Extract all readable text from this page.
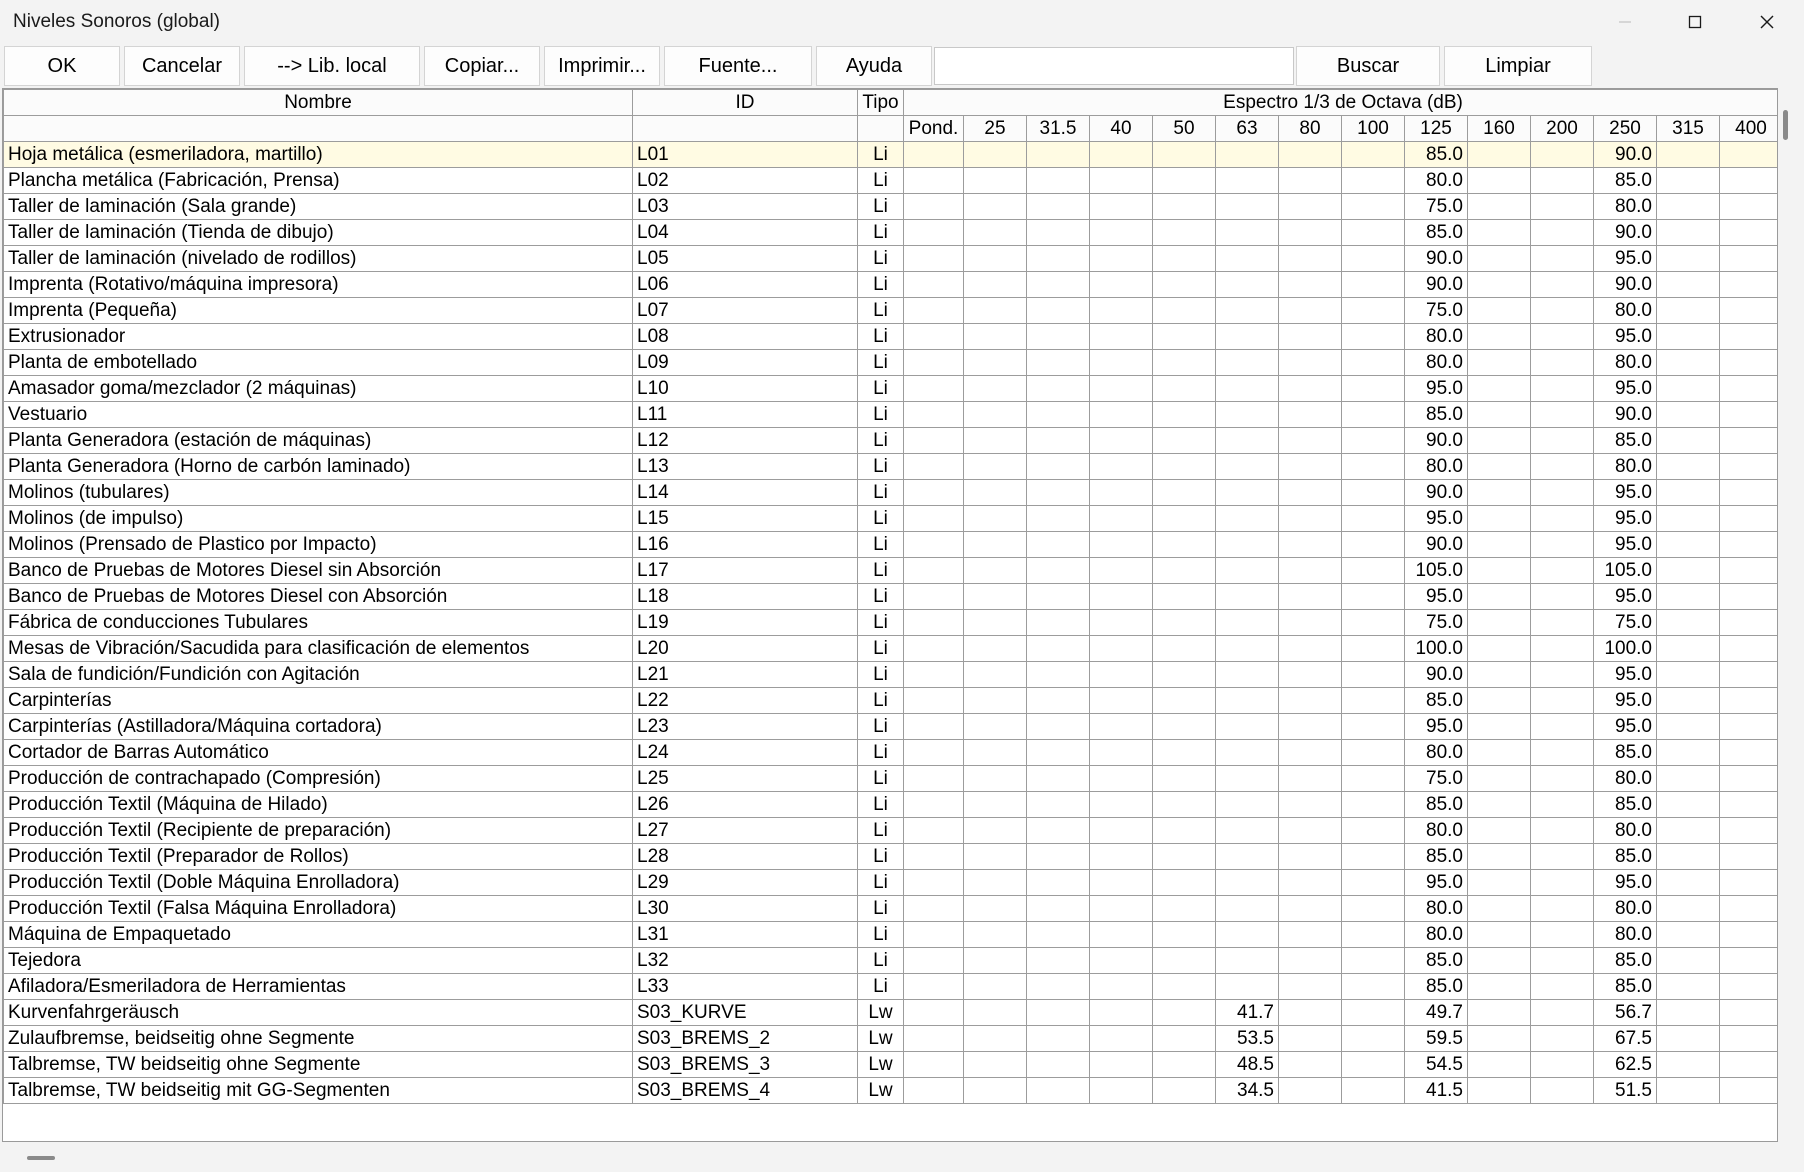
Niveles Sonoros (global)
OK	Cancelar	--> Lib. local	Copiar...	Imprimir...	Fuente...	Ayuda	Buscar	Limpiar
Nombre	ID	Tipo	Espectro 1/3 de Octava (dB)													
			Pond.	25	31.5	40	50	63	80	100	125	160	200	250	315	400
Hoja metálica (esmeriladora, martillo)	L01	Li									85.0			90.0		
Plancha metálica (Fabricación, Prensa)	L02	Li									80.0			85.0		
Taller de laminación (Sala grande)	L03	Li									75.0			80.0		
Taller de laminación (Tienda de dibujo)	L04	Li									85.0			90.0		
Taller de laminación (nivelado de rodillos)	L05	Li									90.0			95.0		
Imprenta (Rotativo/máquina impresora)	L06	Li									90.0			90.0		
Imprenta (Pequeña)	L07	Li									75.0			80.0		
Extrusionador	L08	Li									80.0			95.0		
Planta de embotellado	L09	Li									80.0			80.0		
Amasador goma/mezclador (2 máquinas)	L10	Li									95.0			95.0		
Vestuario	L11	Li									85.0			90.0		
Planta Generadora (estación de máquinas)	L12	Li									90.0			85.0		
Planta Generadora (Horno de carbón laminado)	L13	Li									80.0			80.0		
Molinos (tubulares)	L14	Li									90.0			95.0		
Molinos (de impulso)	L15	Li									95.0			95.0		
Molinos (Prensado de Plastico por Impacto)	L16	Li									90.0			95.0		
Banco de Pruebas de Motores Diesel sin Absorción	L17	Li									105.0			105.0		
Banco de Pruebas de Motores Diesel con Absorción	L18	Li									95.0			95.0		
Fábrica de conducciones Tubulares	L19	Li									75.0			75.0		
Mesas de Vibración/Sacudida para clasificación de elementos	L20	Li									100.0			100.0		
Sala de fundición/Fundición con Agitación	L21	Li									90.0			95.0		
Carpinterías	L22	Li									85.0			95.0		
Carpinterías (Astilladora/Máquina cortadora)	L23	Li									95.0			95.0		
Cortador de Barras Automático	L24	Li									80.0			85.0		
Producción de contrachapado (Compresión)	L25	Li									75.0			80.0		
Producción Textil (Máquina de Hilado)	L26	Li									85.0			85.0		
Producción Textil (Recipiente de preparación)	L27	Li									80.0			80.0		
Producción Textil (Preparador de Rollos)	L28	Li									85.0			85.0		
Producción Textil (Doble Máquina Enrolladora)	L29	Li									95.0			95.0		
Producción Textil (Falsa Máquina Enrolladora)	L30	Li									80.0			80.0		
Máquina de Empaquetado	L31	Li									80.0			80.0		
Tejedora	L32	Li									85.0			85.0		
Afiladora/Esmeriladora de Herramientas	L33	Li									85.0			85.0		
Kurvenfahrgeräusch	S03_KURVE	Lw						41.7			49.7			56.7		
Zulaufbremse, beidseitig ohne Segmente	S03_BREMS_2	Lw						53.5			59.5			67.5		
Talbremse, TW beidseitig ohne Segmente	S03_BREMS_3	Lw						48.5			54.5			62.5		
Talbremse, TW beidseitig mit GG-Segmenten	S03_BREMS_4	Lw						34.5			41.5			51.5		
